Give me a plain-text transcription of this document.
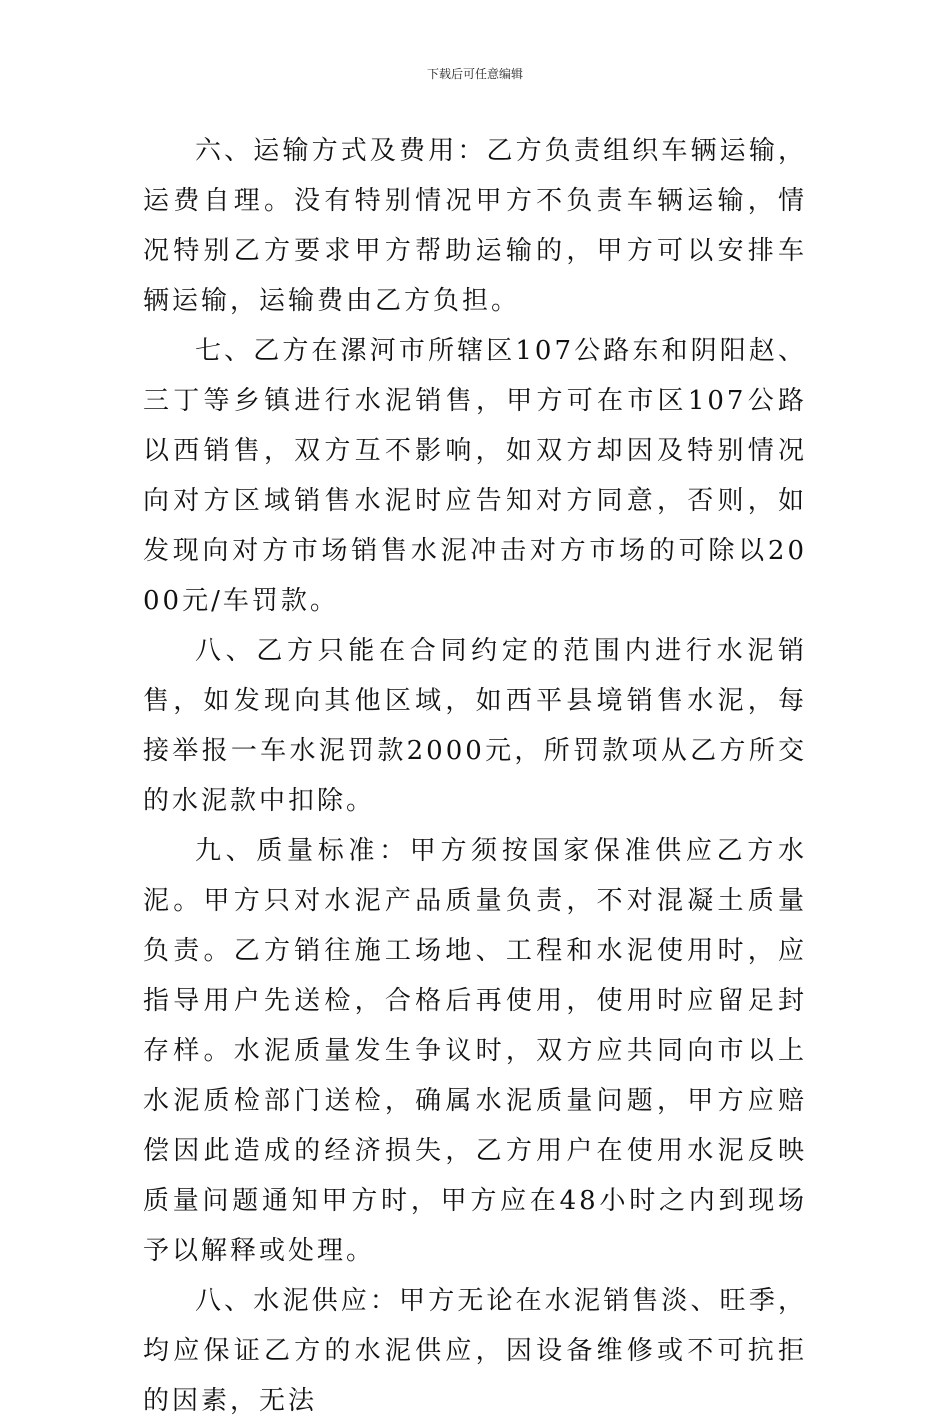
下载后可任意编辑

六、运输方式及费用：乙方负责组织车辆运输，运费自理。没有特别情况甲方不负责车辆运输，情况特别乙方要求甲方帮助运输的，甲方可以安排车辆运输，运输费由乙方负担。

七、乙方在漯河市所辖区107公路东和阴阳赵、三丁等乡镇进行水泥销售，甲方可在市区107公路以西销售，双方互不影响，如双方却因及特别情况向对方区域销售水泥时应告知对方同意，否则，如发现向对方市场销售水泥冲击对方市场的可除以2000元/车罚款。

八、乙方只能在合同约定的范围内进行水泥销售，如发现向其他区域，如西平县境销售水泥，每接举报一车水泥罚款2000元，所罚款项从乙方所交的水泥款中扣除。

九、质量标准：甲方须按国家保准供应乙方水泥。甲方只对水泥产品质量负责，不对混凝土质量负责。乙方销往施工场地、工程和水泥使用时，应指导用户先送检，合格后再使用，使用时应留足封存样。水泥质量发生争议时，双方应共同向市以上水泥质检部门送检，确属水泥质量问题，甲方应赔偿因此造成的经济损失，乙方用户在使用水泥反映质量问题通知甲方时，甲方应在48小时之内到现场予以解释或处理。

八、水泥供应：甲方无论在水泥销售淡、旺季，均应保证乙方的水泥供应，因设备维修或不可抗拒的因素，无法
